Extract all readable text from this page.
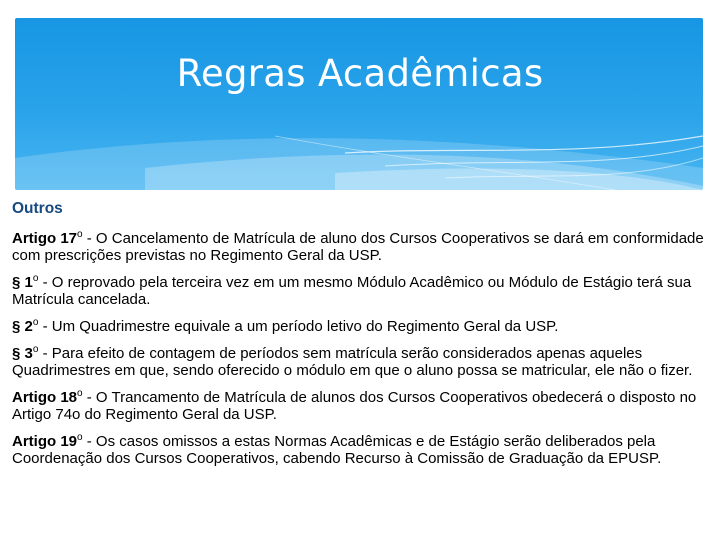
Regras Acadêmicas
Outros
Artigo 17$^o$ - O Cancelamento de Matrícula de aluno dos Cursos Cooperativos se dará em conformidade com prescrições previstas no Regimento Geral da USP.
§ 1$^o$ - O reprovado pela terceira vez em um mesmo Módulo Acadêmico ou Módulo de Estágio terá sua Matrícula cancelada.
§ 2$^o$ - Um Quadrimestre equivale a um período letivo do Regimento Geral da USP.
§ 3$^o$ - Para efeito de contagem de períodos sem matrícula serão considerados apenas aqueles Quadrimestres em que, sendo oferecido o módulo em que o aluno possa se matricular, ele não o fizer.
Artigo 18$^o$ - O Trancamento de Matrícula de alunos dos Cursos Cooperativos obedecerá o disposto no Artigo 74o do Regimento Geral da USP.
Artigo 19$^o$ - Os casos omissos a estas Normas Acadêmicas e de Estágio serão deliberados pela Coordenação dos Cursos Cooperativos, cabendo Recurso à Comissão de Graduação da EPUSP.
